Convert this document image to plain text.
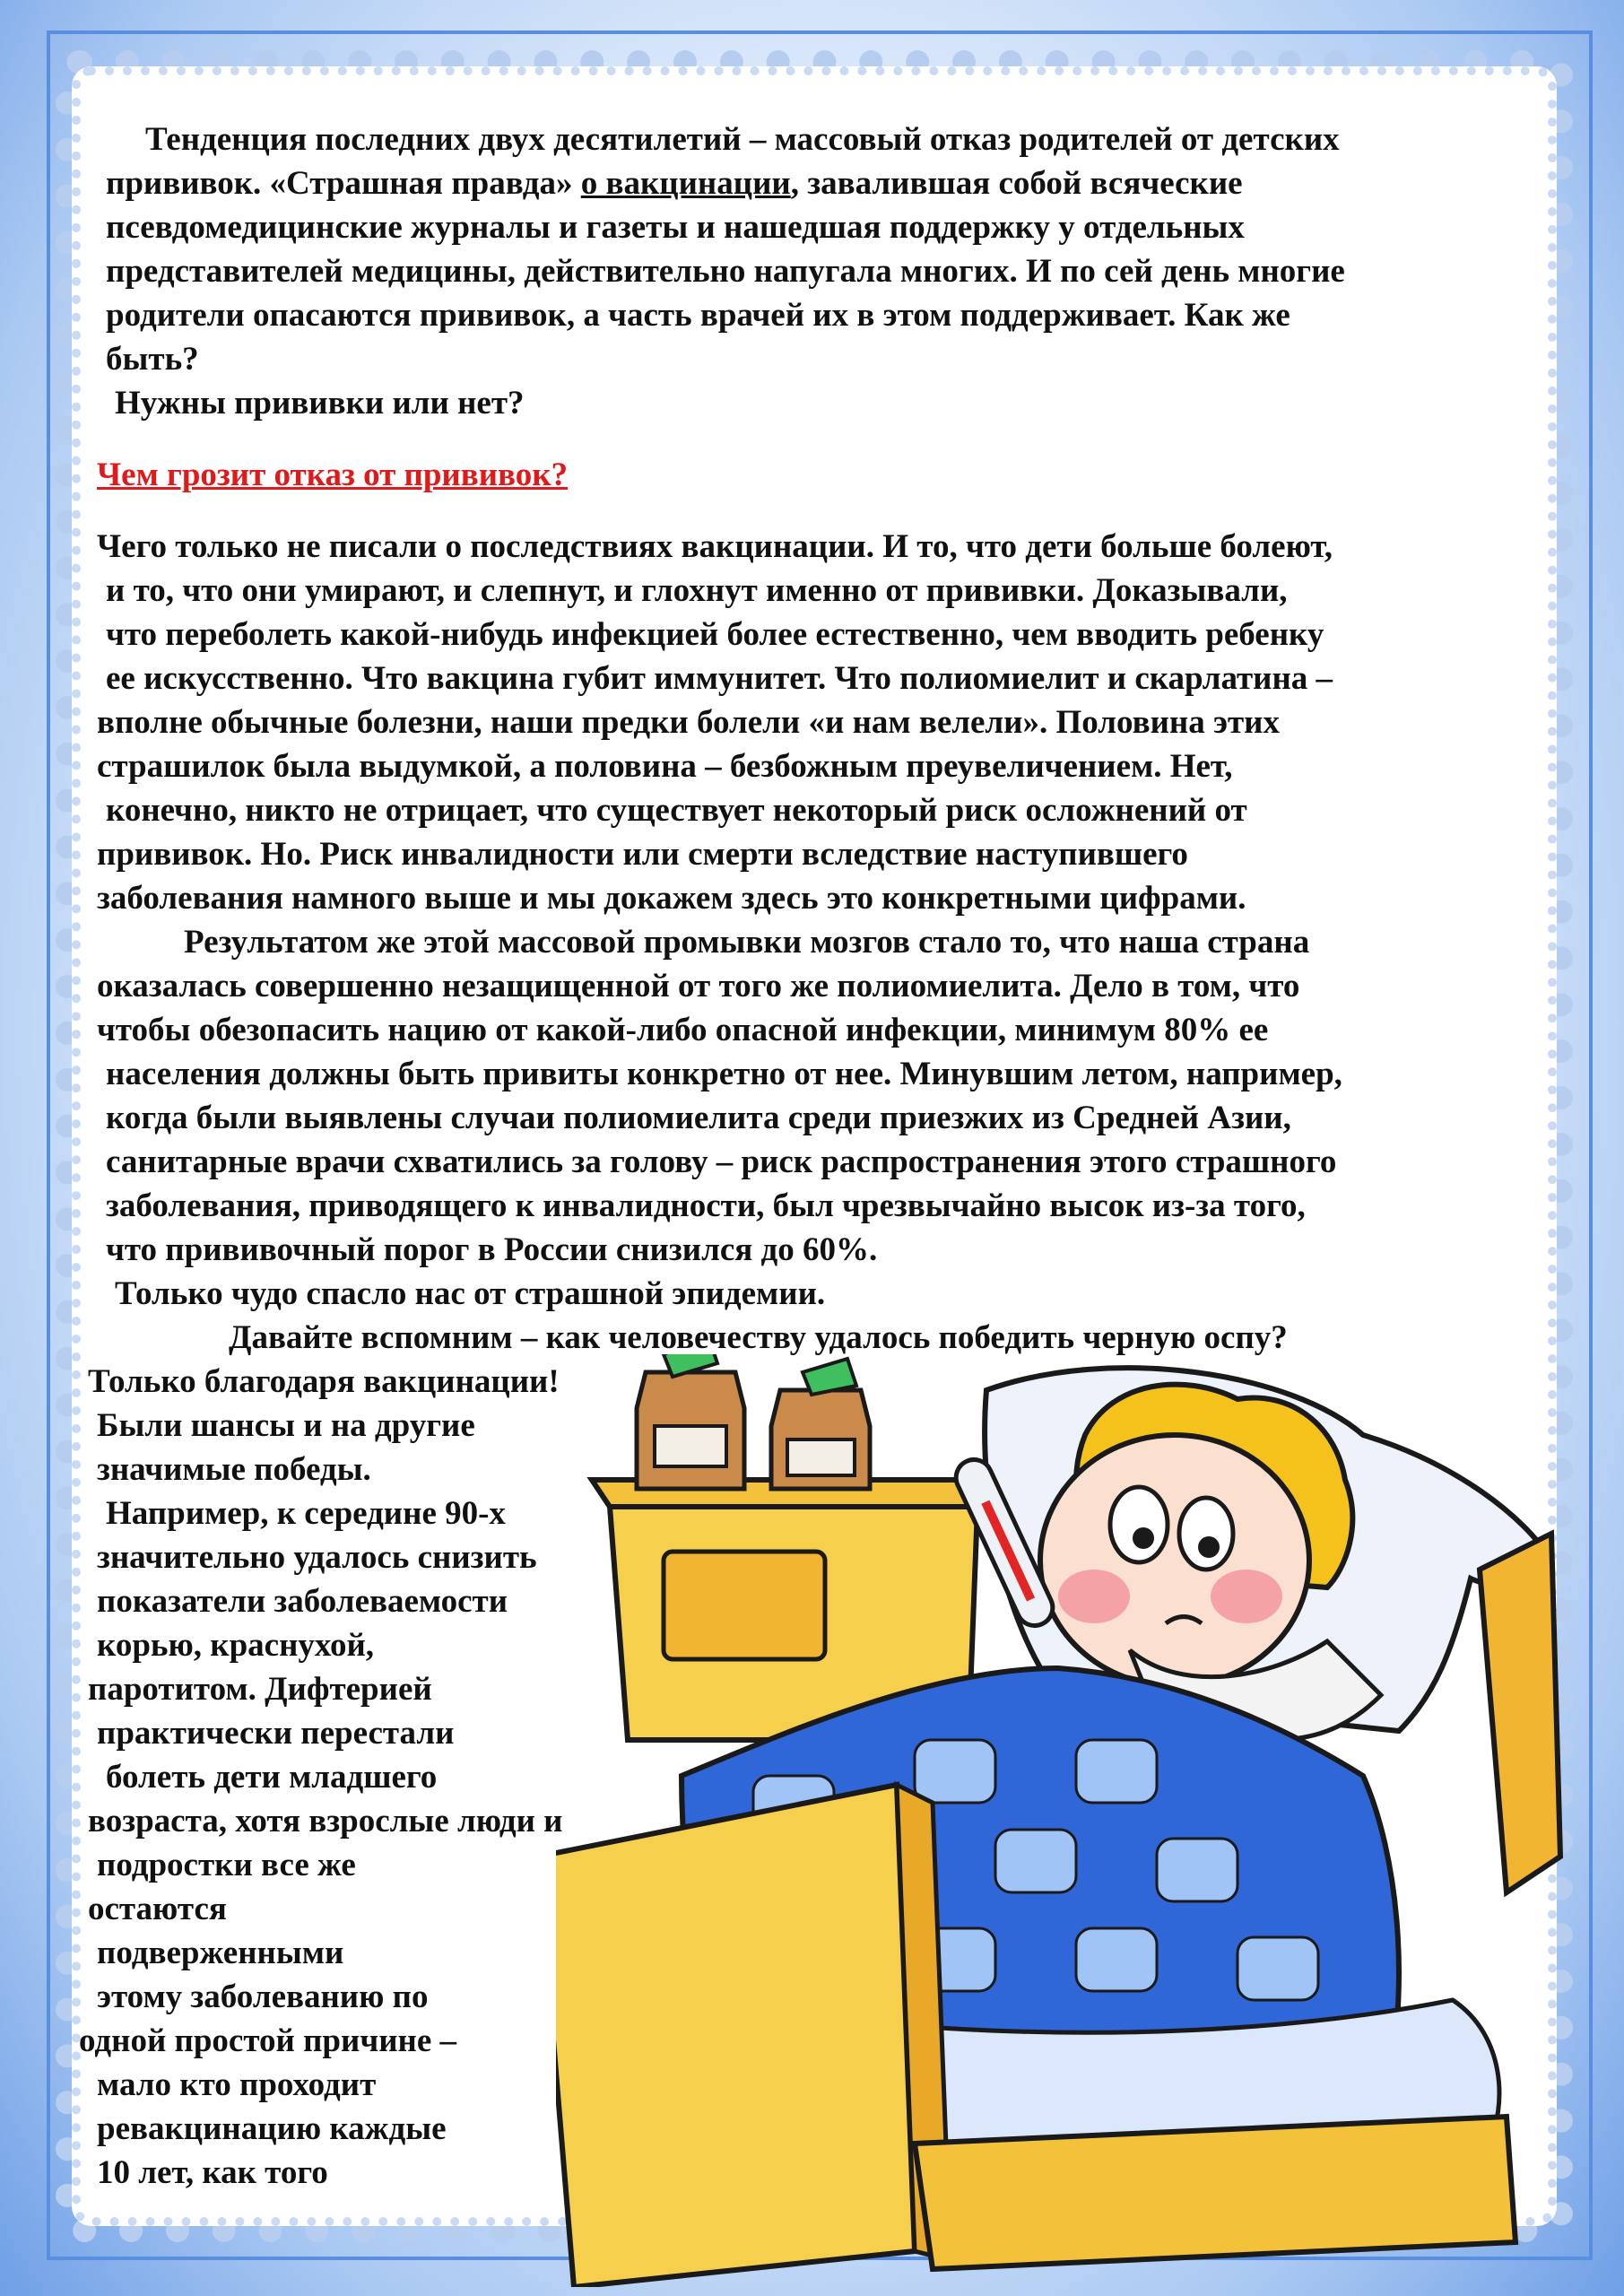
Тенденция последних двух десятилетий – массовый отказ родителей от детских
прививок. «Страшная правда» о вакцинации, завалившая собой всяческие
псевдомедицинские журналы и газеты и нашедшая поддержку у отдельных
представителей медицины, действительно напугала многих. И по сей день многие
родители опасаются прививок, а часть врачей их в этом поддерживает. Как же
быть?
Нужны прививки или нет?
Чем грозит отказ от прививок?
Чего только не писали о последствиях вакцинации. И то, что дети больше болеют,
и то, что они умирают, и слепнут, и глохнут именно от прививки. Доказывали,
что переболеть какой-нибудь инфекцией более естественно, чем вводить ребенку
ее искусственно. Что вакцина губит иммунитет. Что полиомиелит и скарлатина –
вполне обычные болезни, наши предки болели «и нам велели». Половина этих
страшилок была выдумкой, а половина – безбожным преувеличением. Нет,
конечно, никто не отрицает, что существует некоторый риск осложнений от
прививок. Но. Риск инвалидности или смерти вследствие наступившего
заболевания намного выше и мы докажем здесь это конкретными цифрами.
Результатом же этой массовой промывки мозгов стало то, что наша страна
оказалась совершенно незащищенной от того же полиомиелита. Дело в том, что
чтобы обезопасить нацию от какой-либо опасной инфекции, минимум 80% ее
населения должны быть привиты конкретно от нее. Минувшим летом, например,
когда были выявлены случаи полиомиелита среди приезжих из Средней Азии,
санитарные врачи схватились за голову – риск распространения этого страшного
заболевания, приводящего к инвалидности, был чрезвычайно высок из-за того,
что прививочный порог в России снизился до 60%.
Только чудо спасло нас от страшной эпидемии.
Давайте вспомним – как человечеству удалось победить черную оспу?
Только благодаря вакцинации!
Были шансы и на другие
значимые победы.
Например, к середине 90-х
значительно удалось снизить
показатели заболеваемости
корью, краснухой,
паротитом. Дифтерией
практически перестали
болеть дети младшего
возраста, хотя взрослые люди и
подростки все же
остаются
подверженными
этому заболеванию по
одной простой причине –
мало кто проходит
ревакцинацию каждые
10 лет, как того
